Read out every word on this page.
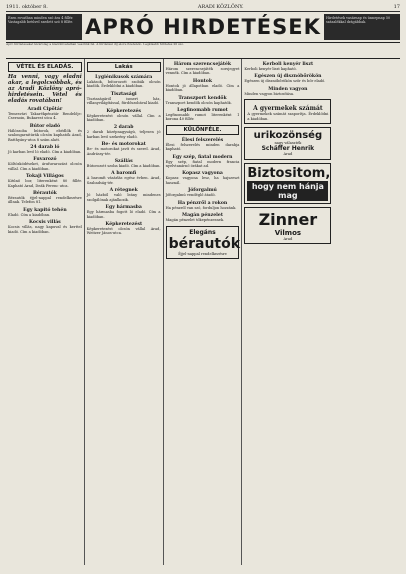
1911. október 8.	ARADI KÖZLÖNY.	17
Ezen rovatban minden szó ára 4 fillér. Vastagabb betűvel szedett szó 8 fillér. APRÓ HIRDETÉSEK	Hirdetések vasárnap és ünnepnap 50 százalékkal drágábbak.
Apró hirdetéseket kizárólag a kiadóhivatalban veszünk fel. A hirdetési díj előre fizetendő. Legkisebb hirdetés 20 szó.
VÉTEL ÉS ELADÁS.
Ha venni, vagy eladni akar, a legolcsóbbak, és az Aradi Közlöny apró-hirdetésein. Vétel és eladás rovatában!
Aradi Cipőtár
Temesvári Takarékpénztár Rendelője: Csernoin, Bukarest utca 4.
Bútor eladó
Hálószoba bútorok, ebédlők és szalongarnitúrák olcsón kaphatók Arad, Batthyány-utca 8 szám alatt.
24 darab ló
Jó karban levő ló eladó. Cím a kiadóban.
Fuvarozó
Költözködéseket, árufuvarozást olcsón vállal. Cím a kiadóban.
Tokaji Villágos
Kitűnő bor, literenként 80 fillér. Kapható Arad, Deák Ferenc utca.
Bérautók
Bérautók éjjel-nappal rendelkezésre állnak. Telefon 81.
Egy kapitó tehén
Eladó. Cím a kiadóban.
Kocsis villás
Kocsis villás, nagy kapuval és kerttel kiadó. Cím a kiadóban.
Lakás
Lygiénikusok számára
Lakások, bútorozott szobák olcsón kiadók. Érdeklődni a kiadóban.
Tisztasági
Tisztaságáról ismert ház, villanyvilágítással, fürdőszobával kiadó.
Képkeretezés
Képkeretezést olcsón vállal. Cím a kiadóban.
2 darab
2 darab középnagyságú, teljesen jó karban levő szekrény eladó.
Be- és motorokat
Be- és motorokat javít és szerel. Arad, Andrássy-tér.
Szállás
Bútorozott szoba kiadó. Cím a kiadóban.
A baromfi
A baromfi vásárlás egész évben. Arad, Szabadság-tér.
A rétegnek
Jó házból való leány mindenes szolgálónak ajánlkozik.
Egy hármasba
Egy hármasba fogott ló eladó. Cím a kiadóban.
Képkeretezést
Képkeretezést olcsón vállal Arad, Weitzer János-utca.
Három szerencsejáték
Három szerencsejáték sorsjegyet vennék. Cím a kiadóban.
Hontok
Hontok jó állapotban eladó. Cím a kiadóban.
Transzport kendők
Transzport kendők olcsón kaphatók.
Legfinomabb rumot
Legfinomabb rumot literenként 1 korona 40 fillér.
KÜLÖNFÉLE.
Élesi felszerelés
Élesi felszerelés minden darabja kapható.
Egy szép, fiatal modern
Egy szép, fiatal modern francia nyelvtanárnő órákat ad.
Kopasz vagyona
Kopasz vagyona lesz, ha hajszeszt használ.
Jóforgalmú
Jóforgalmú vendéglő átadó.
Ha pénzről a rokon
Ha pénzről van szó, forduljon hozzánk.
Magán pénzelet
Magán pénzelet tőkepénzesnek.
Elegáns
bérautók
Éjjel-nappal rendelkezésre
Kerboli kenyér liszt
Kerboli kenyér liszt kapható.
Egészen új disznóbőrökön
Egészen új disznóbőrökön szőr és bőr eladó.
Minden vagyon
Minden vagyon biztosítása.
A gyermekek számát
A gyermekek számát szaporítja. Érdeklődni a kiadóban.
urikozönség
nagy választék
Schäffer Henrik
Arad
Biztositom,
hogy nem hánja mag
Zinner
Vilmos
Arad
